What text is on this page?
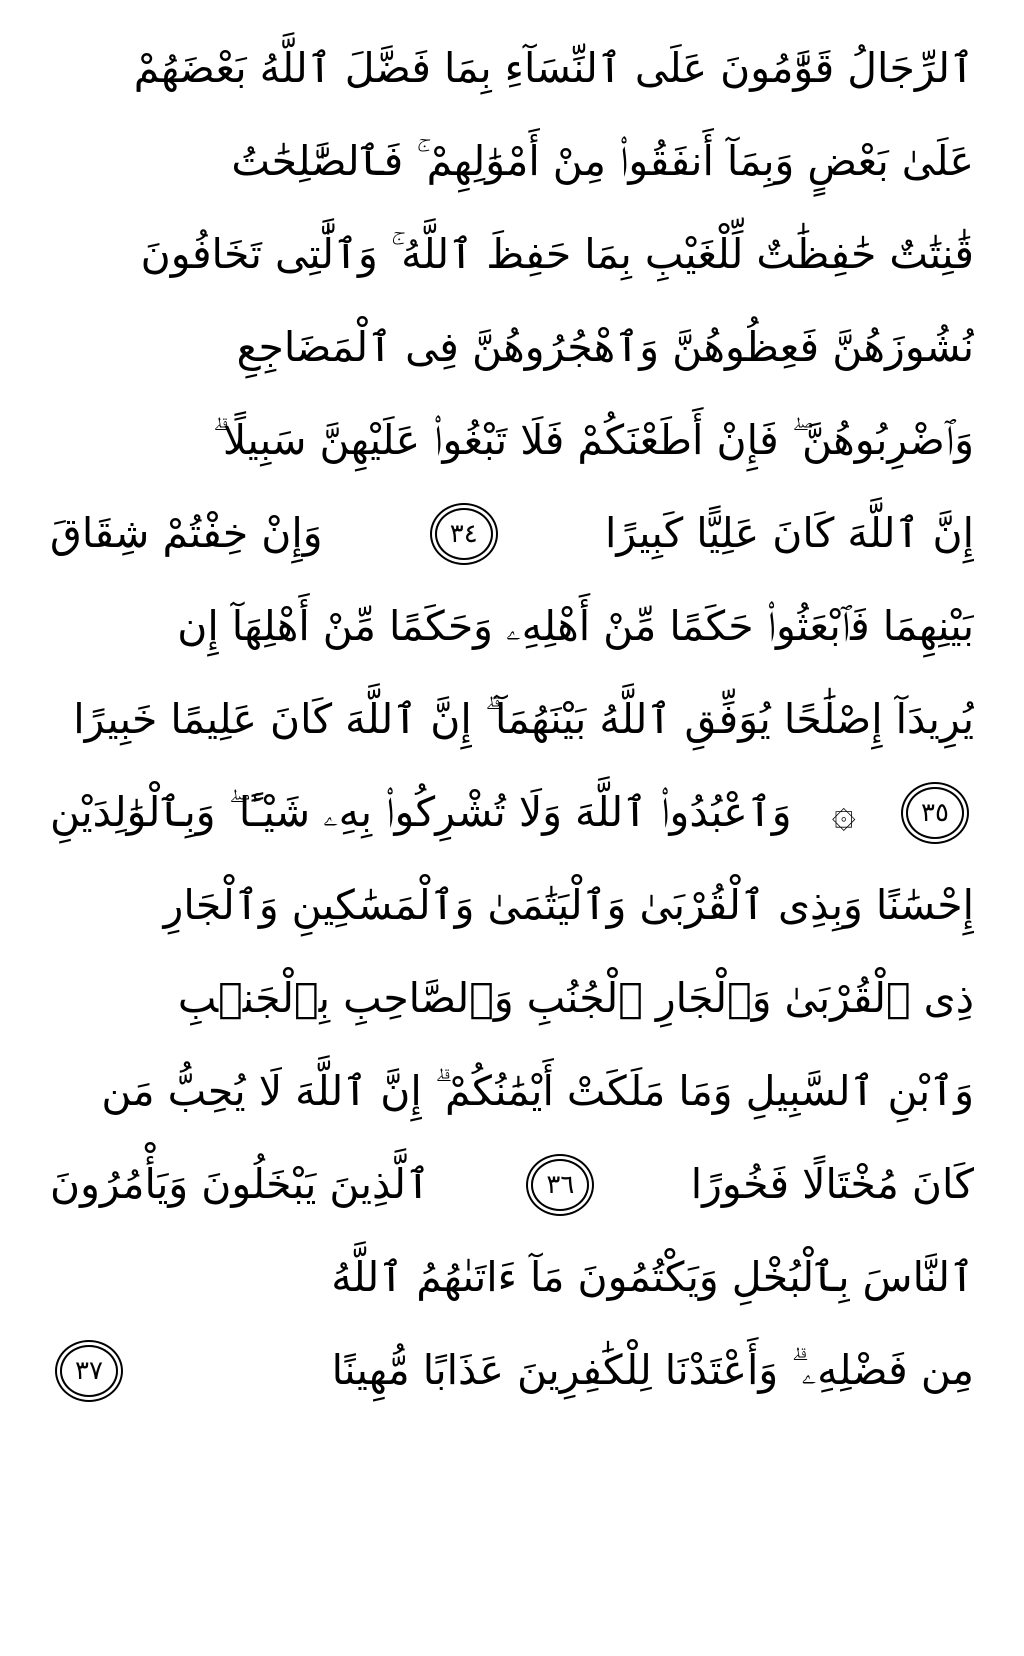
ٱلرِّجَالُ قَوَّٰمُونَ عَلَى ٱلنِّسَآءِ بِمَا فَضَّلَ ٱللَّهُ بَعْضَهُمْ
عَلَىٰ بَعْضٍ وَبِمَآ أَنفَقُوا۟ مِنْ أَمْوَٰلِهِمْ ۚ فَٱلصَّٰلِحَٰتُ
قَٰنِتَٰتٌ حَٰفِظَٰتٌ لِّلْغَيْبِ بِمَا حَفِظَ ٱللَّهُ ۚ وَٱلَّٰتِى تَخَافُونَ
نُشُوزَهُنَّ فَعِظُوهُنَّ وَٱهْجُرُوهُنَّ فِى ٱلْمَضَاجِعِ
وَٱضْرِبُوهُنَّ ۖ فَإِنْ أَطَعْنَكُمْ فَلَا تَبْغُوا۟ عَلَيْهِنَّ سَبِيلًا ۗ
إِنَّ ٱللَّهَ كَانَ عَلِيًّا كَبِيرًا
٣٤
وَإِنْ خِفْتُمْ شِقَاقَ
بَيْنِهِمَا فَٱبْعَثُوا۟ حَكَمًا مِّنْ أَهْلِهِۦ وَحَكَمًا مِّنْ أَهْلِهَآ إِن
يُرِيدَآ إِصْلَٰحًا يُوَفِّقِ ٱللَّهُ بَيْنَهُمَآ ۗ إِنَّ ٱللَّهَ كَانَ عَلِيمًا خَبِيرًا
٣٥
۞
وَٱعْبُدُوا۟ ٱللَّهَ وَلَا تُشْرِكُوا۟ بِهِۦ شَيْـًٔا ۖ وَبِٱلْوَٰلِدَيْنِ
إِحْسَٰنًا وَبِذِى ٱلْقُرْبَىٰ وَٱلْيَتَٰمَىٰ وَٱلْمَسَٰكِينِ وَٱلْجَارِ
ذِى ٱلْقُرْبَىٰ وَٱلْجَارِ ٱلْجُنُبِ وَٱلصَّاحِبِ بِٱلْجَنۢبِ
وَٱبْنِ ٱلسَّبِيلِ وَمَا مَلَكَتْ أَيْمَٰنُكُمْ ۗ إِنَّ ٱللَّهَ لَا يُحِبُّ مَن
كَانَ مُخْتَالًا فَخُورًا
٣٦
ٱلَّذِينَ يَبْخَلُونَ وَيَأْمُرُونَ
ٱلنَّاسَ بِٱلْبُخْلِ وَيَكْتُمُونَ مَآ ءَاتَىٰهُمُ ٱللَّهُ
مِن فَضْلِهِۦ ۗ وَأَعْتَدْنَا لِلْكَٰفِرِينَ عَذَابًا مُّهِينًا
٣٧
